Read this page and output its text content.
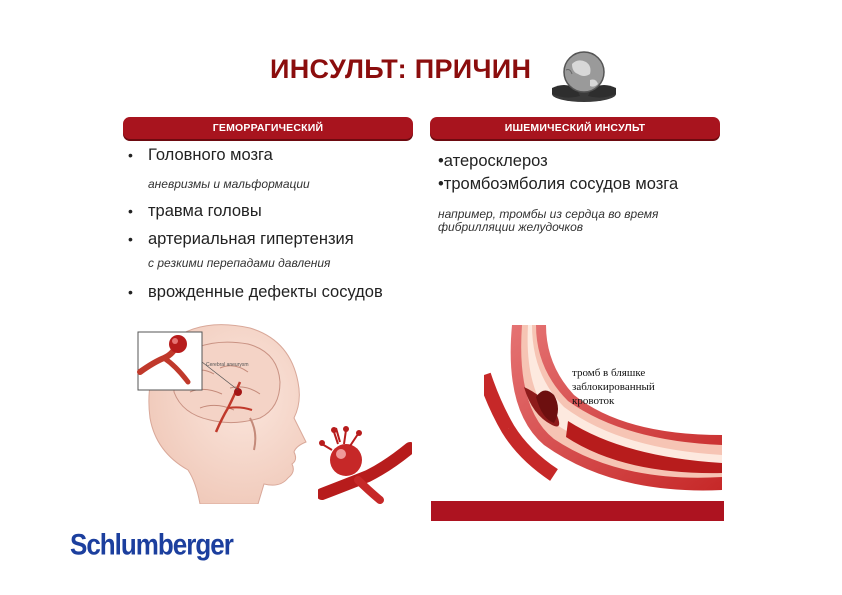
ИНСУЛЬТ: ПРИЧИН
ГЕМОРРАГИЧЕСКИЙ
• Головного мозга
аневризмы и мальформации
• травма головы
• артериальная гипертензия
с резкими перепадами давления
• врожденные дефекты сосудов
Cerebral aneurysm
ИШЕМИЧЕСКИЙ ИНСУЛЬТ
•атеросклероз
•тромбоэмболия сосудов мозга
например, тромбы из сердца во время фибрилляции желудочков
тромб в бляшке заблокированный кровоток
Schlumberger
